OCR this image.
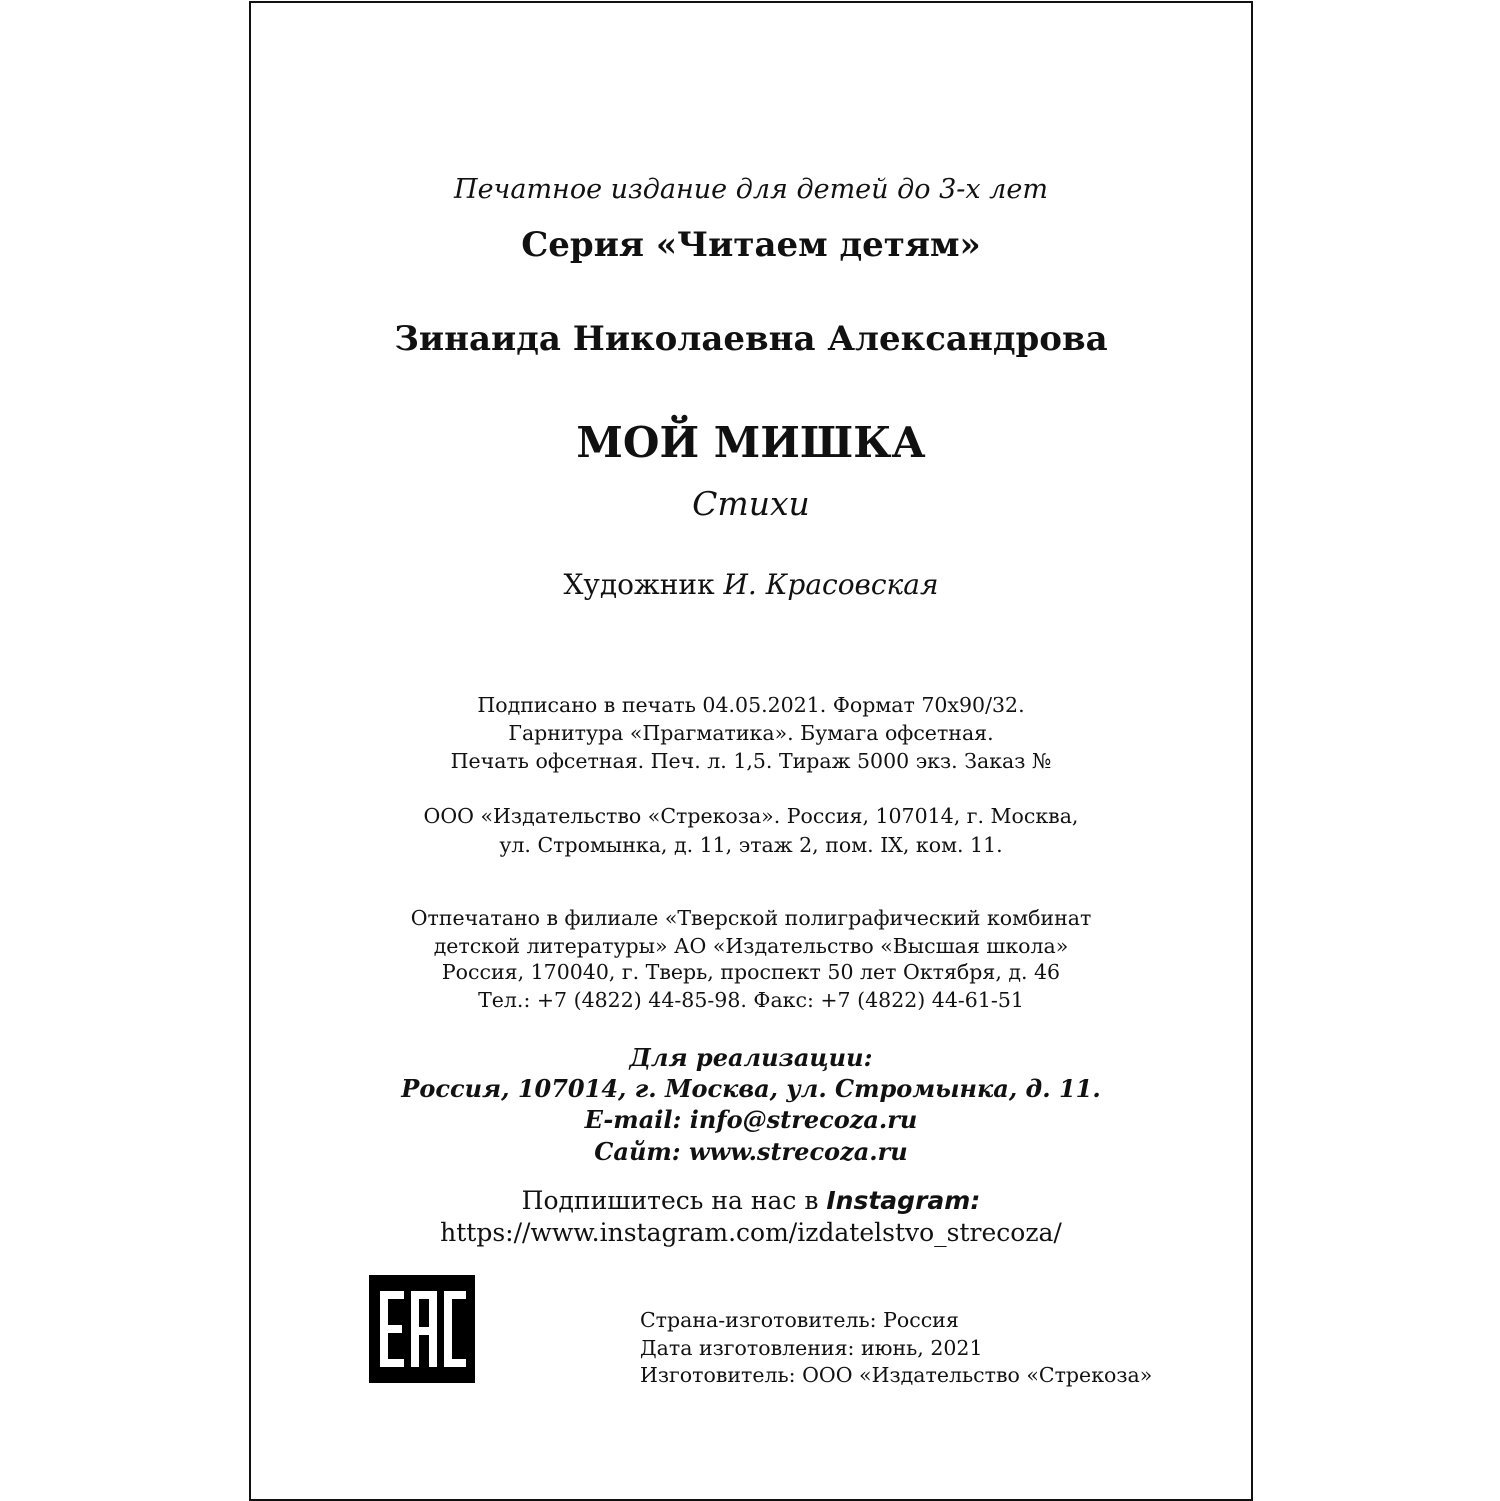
Печатное издание для детей до 3-х лет
Серия «Читаем детям»
Зинаида Николаевна Александрова
МОЙ МИШКА
Стихи
Художник И. Красовская
Подписано в печать 04.05.2021. Формат 70x90/32.
Гарнитура «Прагматика». Бумага офсетная.
Печать офсетная. Печ. л. 1,5. Тираж 5000 экз. Заказ №
ООО «Издательство «Стрекоза». Россия, 107014, г. Москва,
ул. Стромынка, д. 11, этаж 2, пом. IX, ком. 11.
Отпечатано в филиале «Тверской полиграфический комбинат
детской литературы» АО «Издательство «Высшая школа»
Россия, 170040, г. Тверь, проспект 50 лет Октября, д. 46
Тел.: +7 (4822) 44-85-98. Факс: +7 (4822) 44-61-51
Для реализации:
Россия, 107014, г. Москва, ул. Стромынка, д. 11.
E-mail: info@strecoza.ru
Сайт: www.strecoza.ru
Подпишитесь на нас в Instagram:
https://www.instagram.com/izdatelstvo_strecoza/
Страна-изготовитель: Россия
Дата изготовления: июнь, 2021
Изготовитель: ООО «Издательство «Стрекоза»
